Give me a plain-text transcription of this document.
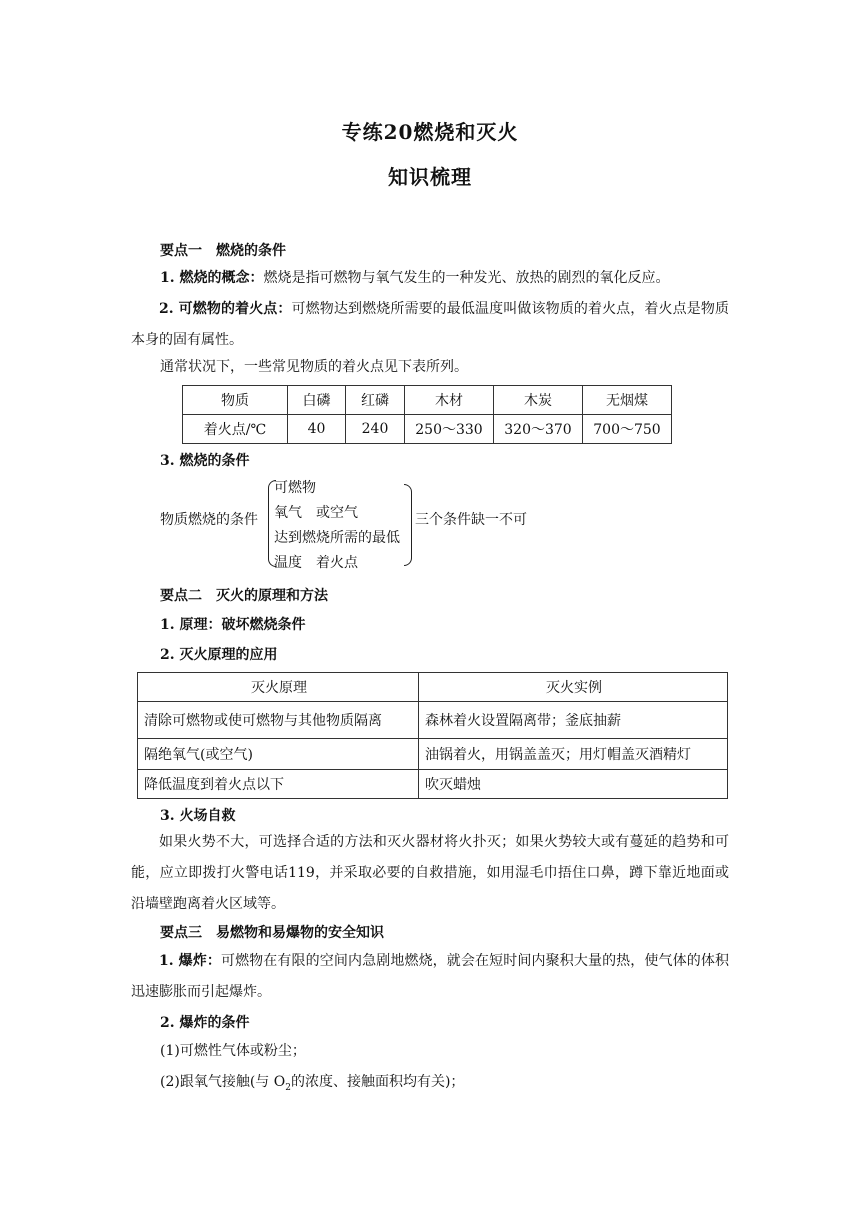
专练20燃烧和灭火
知识梳理
要点一　燃烧的条件
1. 燃烧的概念：燃烧是指可燃物与氧气发生的一种发光、放热的剧烈的氧化反应。
2. 可燃物的着火点：可燃物达到燃烧所需要的最低温度叫做该物质的着火点，着火点是物质本身的固有属性。
通常状况下，一些常见物质的着火点见下表所列。
物质	白磷	红磷	木材	木炭	无烟煤
着火点/℃	40	240	250～330	320～370	700～750
3. 燃烧的条件
物质燃烧的条件
可燃物
氧气　或空气
达到燃烧所需的最低
温度　着火点
三个条件缺一不可
要点二　灭火的原理和方法
1. 原理：破坏燃烧条件
2. 灭火原理的应用
灭火原理	灭火实例
清除可燃物或使可燃物与其他物质隔离	森林着火设置隔离带；釜底抽薪
隔绝氧气(或空气)	油锅着火，用锅盖盖灭；用灯帽盖灭酒精灯
降低温度到着火点以下	吹灭蜡烛
3. 火场自救
如果火势不大，可选择合适的方法和灭火器材将火扑灭；如果火势较大或有蔓延的趋势和可能，应立即拨打火警电话119，并采取必要的自救措施，如用湿毛巾捂住口鼻，蹲下靠近地面或沿墙壁跑离着火区域等。
要点三　易燃物和易爆物的安全知识
1. 爆炸：可燃物在有限的空间内急剧地燃烧，就会在短时间内聚积大量的热，使气体的体积迅速膨胀而引起爆炸。
2. 爆炸的条件
(1)可燃性气体或粉尘；
(2)跟氧气接触(与 $O_2$的浓度、接触面积均有关)；
